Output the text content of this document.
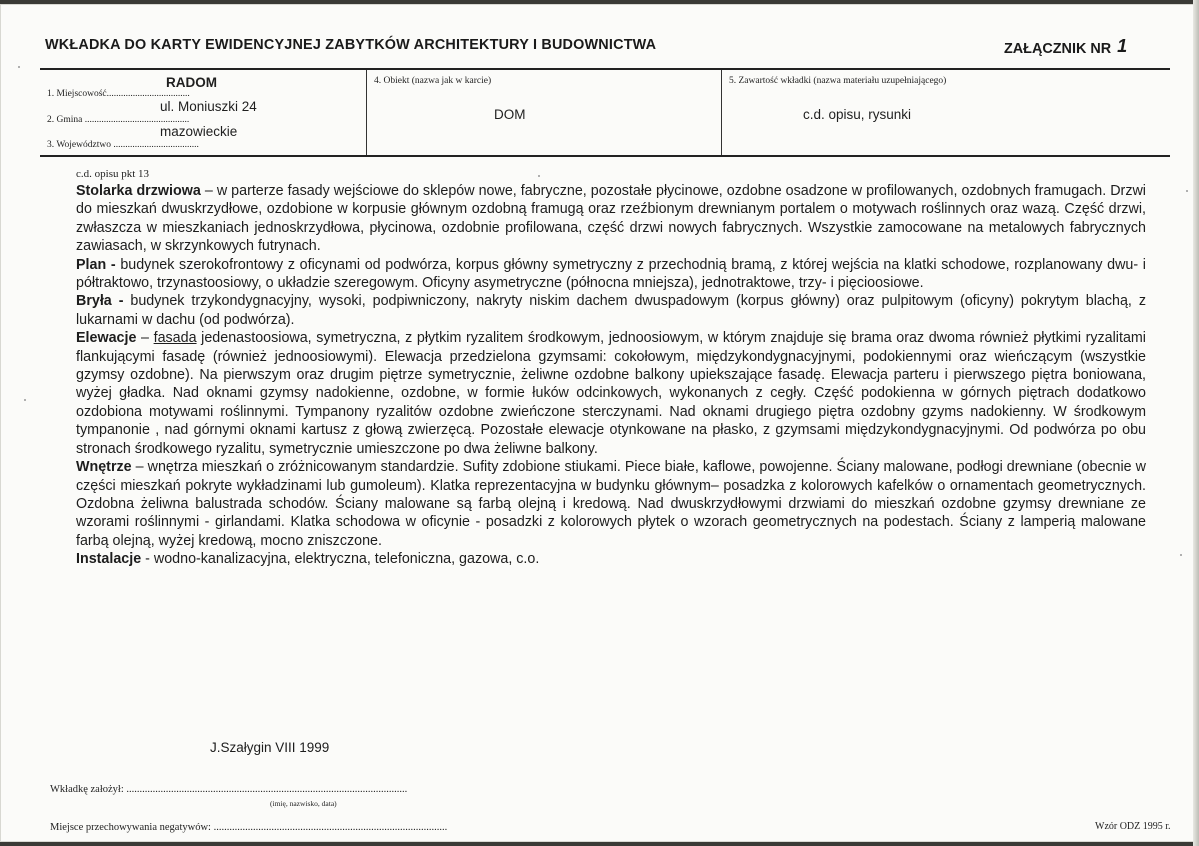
WKŁADKA DO KARTY EWIDENCYJNEJ ZABYTKÓW ARCHITEKTURY I BUDOWNICTWA	ZAŁĄCZNIK NR 1
RADOM
1. Miejscowość...................................
ul. Moniuszki 24
2. Gmina ............................................
mazowieckie
3. Województwo ....................................
4. Obiekt (nazwa jak w karcie)
DOM
5. Zawartość wkładki (nazwa materiału uzupełniającego)
c.d. opisu, rysunki
c.d. opisu pkt 13

Stolarka drzwiowa – w parterze fasady wejściowe do sklepów nowe, fabryczne, pozostałe płycinowe, ozdobne osadzone w profilowanych, ozdobnych framugach. Drzwi do mieszkań dwuskrzydłowe, ozdobione w korpusie głównym ozdobną framugą oraz rzeźbionym drewnianym portalem o motywach roślinnych oraz wazą. Część drzwi, zwłaszcza w mieszkaniach jednoskrzydłowa, płycinowa, ozdobnie profilowana, część drzwi nowych fabrycznych. Wszystkie zamocowane na metalowych fabrycznych zawiasach, w skrzynkowych futrynach.

Plan - budynek szerokofrontowy z oficynami od podwórza, korpus główny symetryczny z przechodnią bramą, z której wejścia na klatki schodowe, rozplanowany dwu- i półtraktowo, trzynastoosiowy, o układzie szeregowym. Oficyny asymetryczne (północna mniejsza), jednotraktowe, trzy- i pięcioosiowe.

Bryła - budynek trzykondygnacyjny, wysoki, podpiwniczony, nakryty niskim dachem dwuspadowym (korpus główny) oraz pulpitowym (oficyny) pokrytym blachą, z lukarnami w dachu (od podwórza).

Elewacje – fasada jedenastoosiowa, symetryczna, z płytkim ryzalitem środkowym, jednoosiowym, w którym znajduje się brama oraz dwoma również płytkimi ryzalitami flankującymi fasadę (również jednoosiowymi). Elewacja przedzielona gzymsami: cokołowym, międzykondygnacyjnymi, podokiennymi oraz wieńczącym (wszystkie gzymsy ozdobne). Na pierwszym oraz drugim piętrze symetrycznie, żeliwne ozdobne balkony upiekszające fasadę. Elewacja parteru i pierwszego piętra boniowana, wyżej gładka. Nad oknami gzymsy nadokienne, ozdobne, w formie łuków odcinkowych, wykonanych z cegły. Część podokienna w górnych piętrach dodatkowo ozdobiona motywami roślinnymi. Tympanony ryzalitów ozdobne zwieńczone sterczynami. Nad oknami drugiego piętra ozdobny gzyms nadokienny. W środkowym tympanonie , nad górnymi oknami kartusz z głową zwierzęcą. Pozostałe elewacje otynkowane na płasko, z gzymsami międzykondygnacyjnymi. Od podwórza po obu stronach środkowego ryzalitu, symetrycznie umieszczone po dwa żeliwne balkony.

Wnętrze – wnętrza mieszkań o zróżnicowanym standardzie. Sufity zdobione stiukami. Piece białe, kaflowe, powojenne. Ściany malowane, podłogi drewniane (obecnie w części mieszkań pokryte wykładzinami lub gumoleum). Klatka reprezentacyjna w budynku głównym– posadzka z kolorowych kafelków o ornamentach geometrycznych. Ozdobna żeliwna balustrada schodów. Ściany malowane są farbą olejną i kredową. Nad dwuskrzydłowymi drzwiami do mieszkań ozdobne gzymsy drewniane ze wzorami roślinnymi - girlandami. Klatka schodowa w oficynie - posadzki z kolorowych płytek o wzorach geometrycznych na podestach. Ściany z lamperią malowane farbą olejną, wyżej kredową, mocno zniszczone.

Instalacje - wodno-kanalizacyjna, elektryczna, telefoniczna, gazowa, c.o.

J.Szałygin VIII 1999
Wkładkę założył: ...........................................................................................................
(imię, nazwisko, data)
Miejsce przechowywania negatywów: .........................................................................................	Wzór ODZ 1995 r.
